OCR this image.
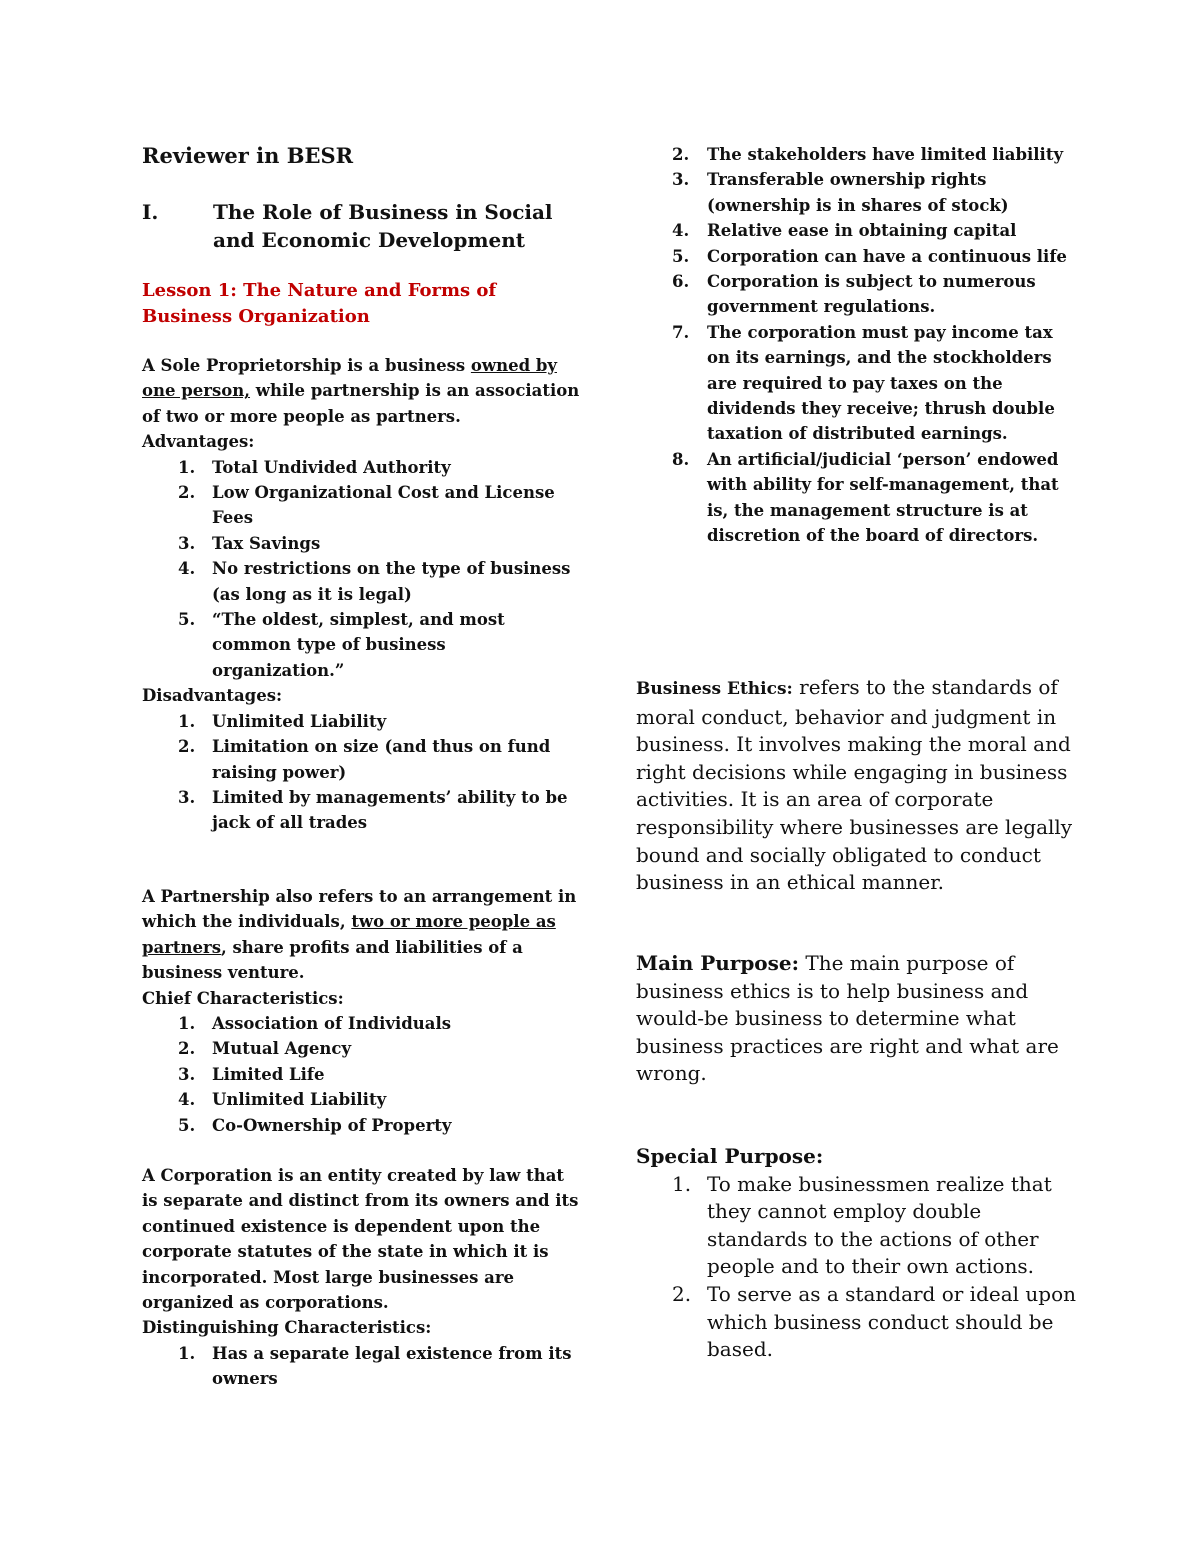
Reviewer in BESR
I.	The Role of Business in Social and Economic Development
Lesson 1: The Nature and Forms of Business Organization

A Sole Proprietorship is a business owned by one person, while partnership is an association of two or more people as partners.

Advantages:

1. Total Undivided Authority
2. Low Organizational Cost and License Fees
3. Tax Savings
4. No restrictions on the type of business (as long as it is legal)
5. “The oldest, simplest, and most common type of business organization.”

Disadvantages:

1. Unlimited Liability
2. Limitation on size (and thus on fund raising power)
3. Limited by managements’ ability to be jack of all trades

A Partnership also refers to an arrangement in which the individuals, two or more people as partners, share profits and liabilities of a business venture.

Chief Characteristics:

1. Association of Individuals
2. Mutual Agency
3. Limited Life
4. Unlimited Liability
5. Co-Ownership of Property

A Corporation is an entity created by law that is separate and distinct from its owners and its continued existence is dependent upon the corporate statutes of the state in which it is incorporated. Most large businesses are organized as corporations.

Distinguishing Characteristics:

1. Has a separate legal existence from its owners
2. The stakeholders have limited liability
3. Transferable ownership rights (ownership is in shares of stock)
4. Relative ease in obtaining capital
5. Corporation can have a continuous life
6. Corporation is subject to numerous government regulations.
7. The corporation must pay income tax on its earnings, and the stockholders are required to pay taxes on the dividends they receive; thrush double taxation of distributed earnings.
8. An artificial/judicial ‘person’ endowed with ability for self-management, that is, the management structure is at discretion of the board of directors.

Business Ethics: refers to the standards of moral conduct, behavior and judgment in business. It involves making the moral and right decisions while engaging in business activities. It is an area of corporate responsibility where businesses are legally bound and socially obligated to conduct business in an ethical manner.

Main Purpose: The main purpose of business ethics is to help business and would-be business to determine what business practices are right and what are wrong.

Special Purpose:

1. To make businessmen realize that they cannot employ double standards to the actions of other people and to their own actions.
2. To serve as a standard or ideal upon which business conduct should be based.
